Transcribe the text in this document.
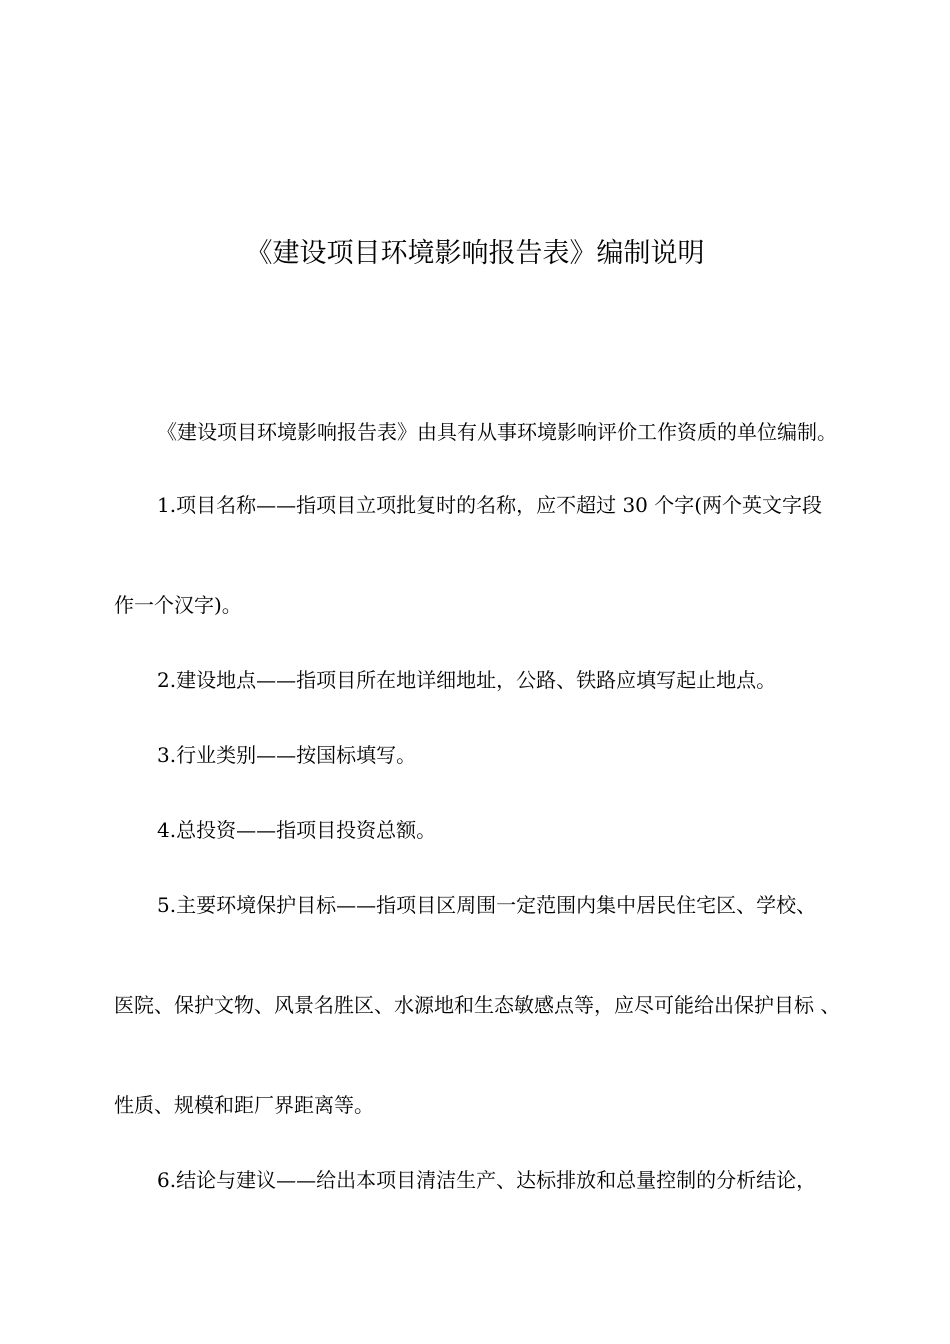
《建设项目环境影响报告表》编制说明
《建设项目环境影响报告表》由具有从事环境影响评价工作资质的单位编制。
1.项目名称——指项目立项批复时的名称，应不超过 30 个字(两个英文字段
作一个汉字)。
2.建设地点——指项目所在地详细地址，公路、铁路应填写起止地点。
3.行业类别——按国标填写。
4.总投资——指项目投资总额。
5.主要环境保护目标——指项目区周围一定范围内集中居民住宅区、学校、
医院、保护文物、风景名胜区、水源地和生态敏感点等，应尽可能给出保护目标 、
性质、规模和距厂界距离等。
6.结论与建议——给出本项目清洁生产、达标排放和总量控制的分析结论，
